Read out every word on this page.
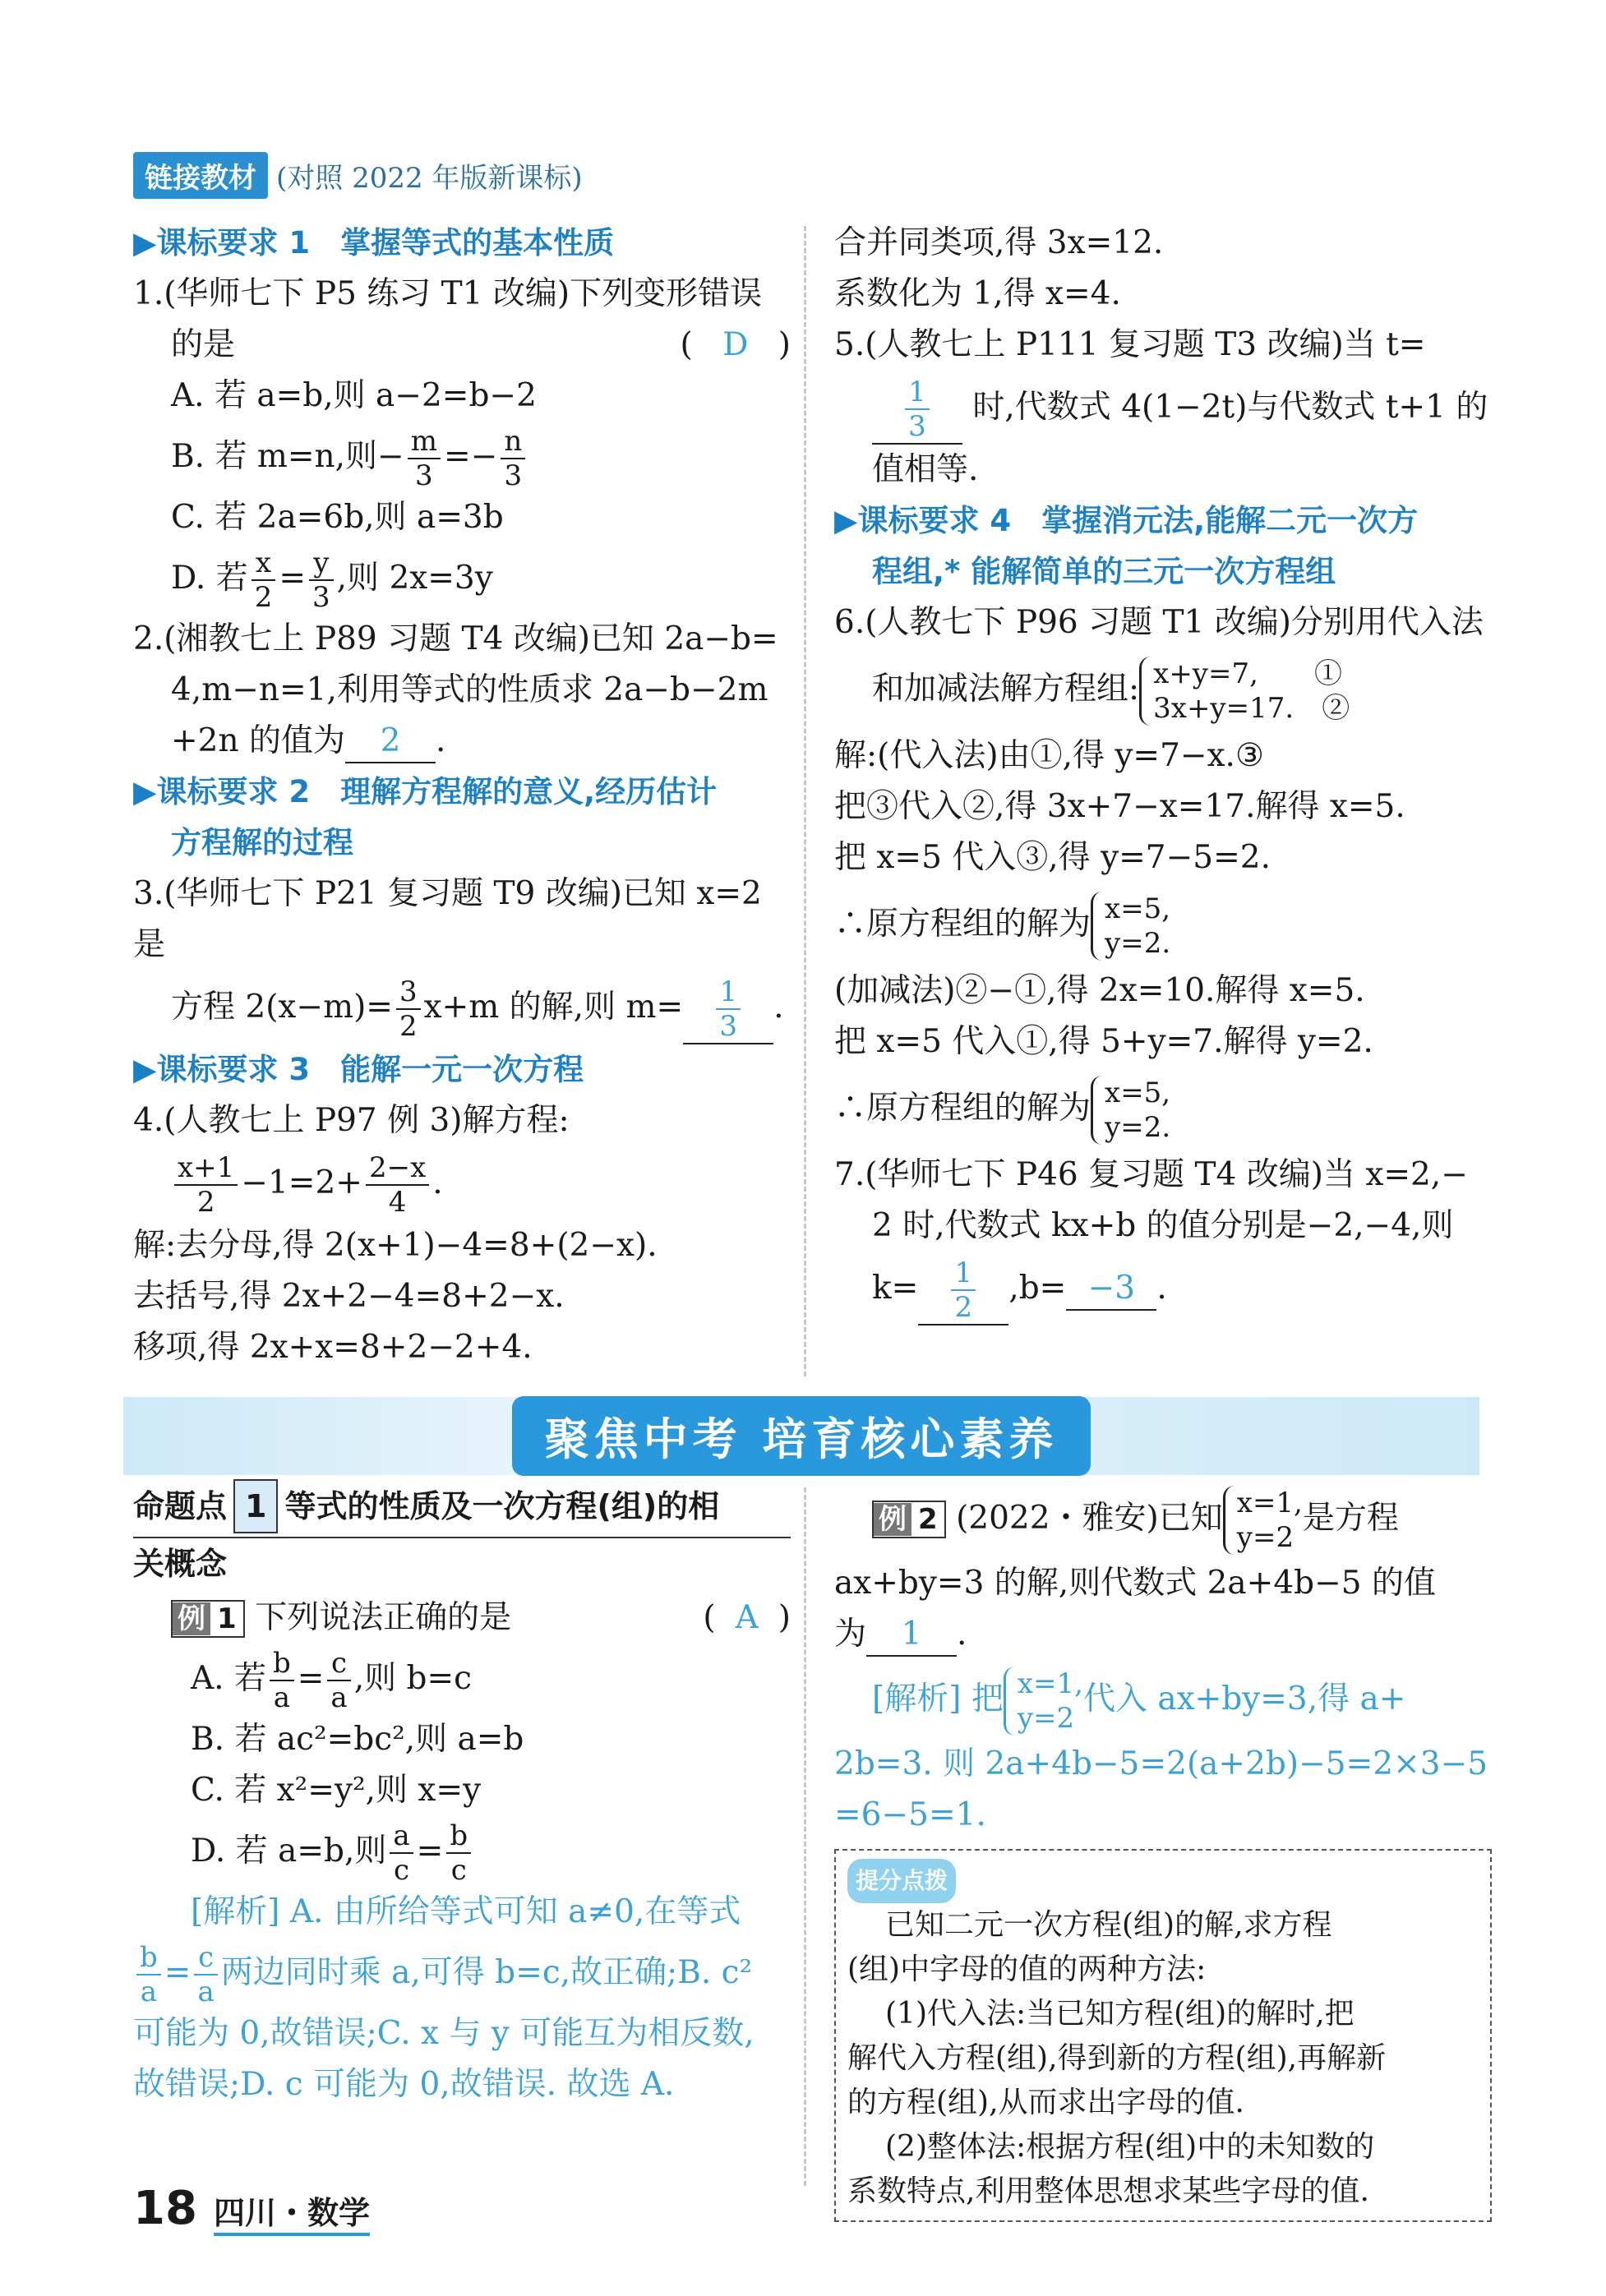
链接教材 (对照 2022 年版新课标)

▶课标要求 1　掌握等式的基本性质

1.(华师七下 P5 练习 T1 改编)下列变形错误

的是	( D )

A. 若 a=b,则 a−2=b−2

B. 若 m=n,则− $\frac{m}{3} =- \frac{n}{3}$

C. 若 2a=6b,则 a=3b

D. 若 $\frac{x}{2} = \frac{y}{3}$ ,则 2x=3y

2.(湘教七上 P89 习题 T4 改编)已知 2a−b=

4,m−n=1,利用等式的性质求 2a−b−2m

+2n 的值为 2 .

▶课标要求 2　理解方程解的意义,经历估计

方程解的过程

3.(华师七下 P21 复习题 T9 改编)已知 x=2 是

方程 $2(x-m)= \frac{3}{2} x+m$ 的解,则 $m= \frac{1}{3}$ .

▶课标要求 3　能解一元一次方程

4.(人教七上 P97 例 3)解方程:

$\frac{x+1}{2} -1=2+ \frac{2-x}{4}$ .

解:去分母,得 2(x+1)−4=8+(2−x).

去括号,得 2x+2−4=8+2−x.

移项,得 2x+x=8+2−2+4.

合并同类项,得 3x=12.

系数化为 1,得 x=4.

5.(人教七上 P111 复习题 T3 改编)当 t=

$\frac{1}{3}$ 时,代数式 4(1−2t)与代数式 t+1 的

值相等.

▶课标要求 4　掌握消元法,能解二元一次方

程组,* 能解简单的三元一次方程组

6.(人教七下 P96 习题 T1 改编)分别用代入法

和加减法解方程组: x+y=7,　　①
3x+y=17.　②

解:(代入法)由①,得 y=7−x.③

把③代入②,得 3x+7−x=17.解得 x=5.

把 x=5 代入③,得 y=7−5=2.

∴原方程组的解为 x=5,
y=2.

(加减法)②−①,得 2x=10.解得 x=5.

把 x=5 代入①,得 5+y=7.解得 y=2.

∴原方程组的解为 x=5,
y=2.

7.(华师七下 P46 复习题 T4 改编)当 x=2,−

2 时,代数式 kx+b 的值分别是−2,−4,则

$k= \frac{1}{2} ,b= -3$ .

聚焦中考 培育核心素养

命题点 1 等式的性质及一次方程(组)的相

关概念

例 1 下列说法正确的是	( A )

A. 若 $\frac{b}{a} = \frac{c}{a}$ ,则 b=c

B. 若 ac²=bc²,则 a=b

C. 若 x²=y²,则 x=y

D. 若 a=b,则 $\frac{a}{c} = \frac{b}{c}$

[解析] A. 由所给等式可知 a≠0,在等式

$\frac{b}{a} = \frac{c}{a}$ 两边同时乘 a,可得 b=c,故正确;B. c²

可能为 0,故错误;C. x 与 y 可能互为相反数,

故错误;D. c 可能为 0,故错误. 故选 A.

例 2 (2022・雅安)已知 x=1,
y=2
是方程

ax+by=3 的解,则代数式 2a+4b−5 的值

为 1 .

[解析] 把 x=1,
y=2
代入 ax+by=3,得 a+

2b=3. 则 2a+4b−5=2(a+2b)−5=2×3−5

=6−5=1.

提分点拨

已知二元一次方程(组)的解,求方程

(组)中字母的值的两种方法:

(1)代入法:当已知方程(组)的解时,把

解代入方程(组),得到新的方程(组),再解新

的方程(组),从而求出字母的值.

(2)整体法:根据方程(组)中的未知数的

系数特点,利用整体思想求某些字母的值.

18 四川・数学
